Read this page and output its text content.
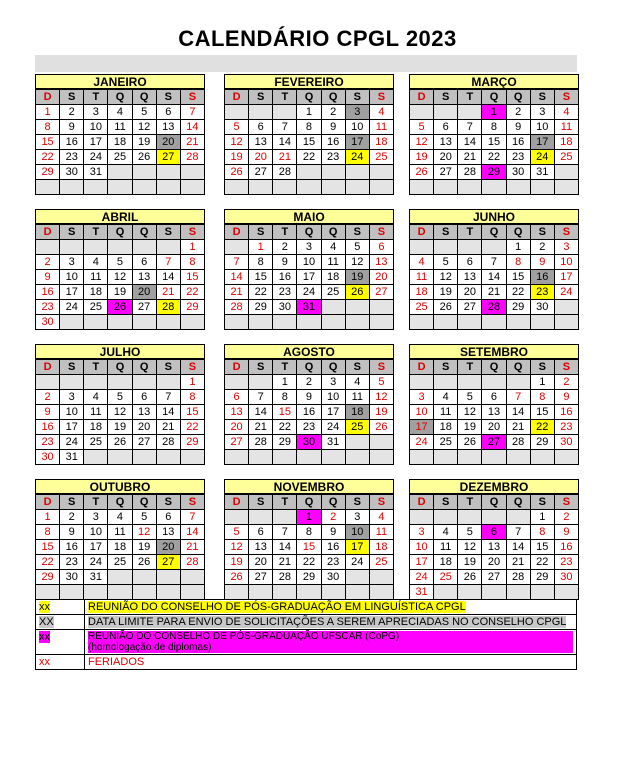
CALENDÁRIO CPGL 2023
JANEIRO
D	S	T	Q	Q	S	S
1	2	3	4	5	6	7
8	9	10	11	12	13	14
15	16	17	18	19	20	21
22	23	24	25	26	27	28
29	30	31				

FEVEREIRO
D	S	T	Q	Q	S	S
			1	2	3	4
5	6	7	8	9	10	11
12	13	14	15	16	17	18
19	20	21	22	23	24	25
26	27	28				

MARÇO
D	S	T	Q	Q	S	S
			1	2	3	4
5	6	7	8	9	10	11
12	13	14	15	16	17	18
19	20	21	22	23	24	25
26	27	28	29	30	31	

ABRIL
D	S	T	Q	Q	S	S
						1
2	3	4	5	6	7	8
9	10	11	12	13	14	15
16	17	18	19	20	21	22
23	24	25	26	27	28	29
30						
MAIO
D	S	T	Q	Q	S	S
	1	2	3	4	5	6
7	8	9	10	11	12	13
14	15	16	17	18	19	20
21	22	23	24	25	26	27
28	29	30	31			

JUNHO
D	S	T	Q	Q	S	S
				1	2	3
4	5	6	7	8	9	10
11	12	13	14	15	16	17
18	19	20	21	22	23	24
25	26	27	28	29	30	

JULHO
D	S	T	Q	Q	S	S
						1
2	3	4	5	6	7	8
9	10	11	12	13	14	15
16	17	18	19	20	21	22
23	24	25	26	27	28	29
30	31					
AGOSTO
D	S	T	Q	Q	S	S
		1	2	3	4	5
6	7	8	9	10	11	12
13	14	15	16	17	18	19
20	21	22	23	24	25	26
27	28	29	30	31		

SETEMBRO
D	S	T	Q	Q	S	S
					1	2
3	4	5	6	7	8	9
10	11	12	13	14	15	16
17	18	19	20	21	22	23
24	25	26	27	28	29	30

OUTUBRO
D	S	T	Q	Q	S	S
1	2	3	4	5	6	7
8	9	10	11	12	13	14
15	16	17	18	19	20	21
22	23	24	25	26	27	28
29	30	31				

NOVEMBRO
D	S	T	Q	Q	S	S
			1	2	3	4
5	6	7	8	9	10	11
12	13	14	15	16	17	18
19	20	21	22	23	24	25
26	27	28	29	30		

DEZEMBRO
D	S	T	Q	Q	S	S
					1	2
3	4	5	6	7	8	9
10	11	12	13	14	15	16
17	18	19	20	21	22	23
24	25	26	27	28	29	30
31						
xx	REUNIÃO DO CONSELHO DE PÓS-GRADUAÇÃO EM LINGUÍSTICA CPGL
XX	DATA LIMITE PARA ENVIO DE SOLICITAÇÕES A SEREM APRECIADAS NO CONSELHO CPGL
xx	REUNIÃO DO CONSELHO DE PÓS-GRADUAÇÃO UFSCAR (CoPG)
(homologação de diplomas)

xx	FERIADOS
